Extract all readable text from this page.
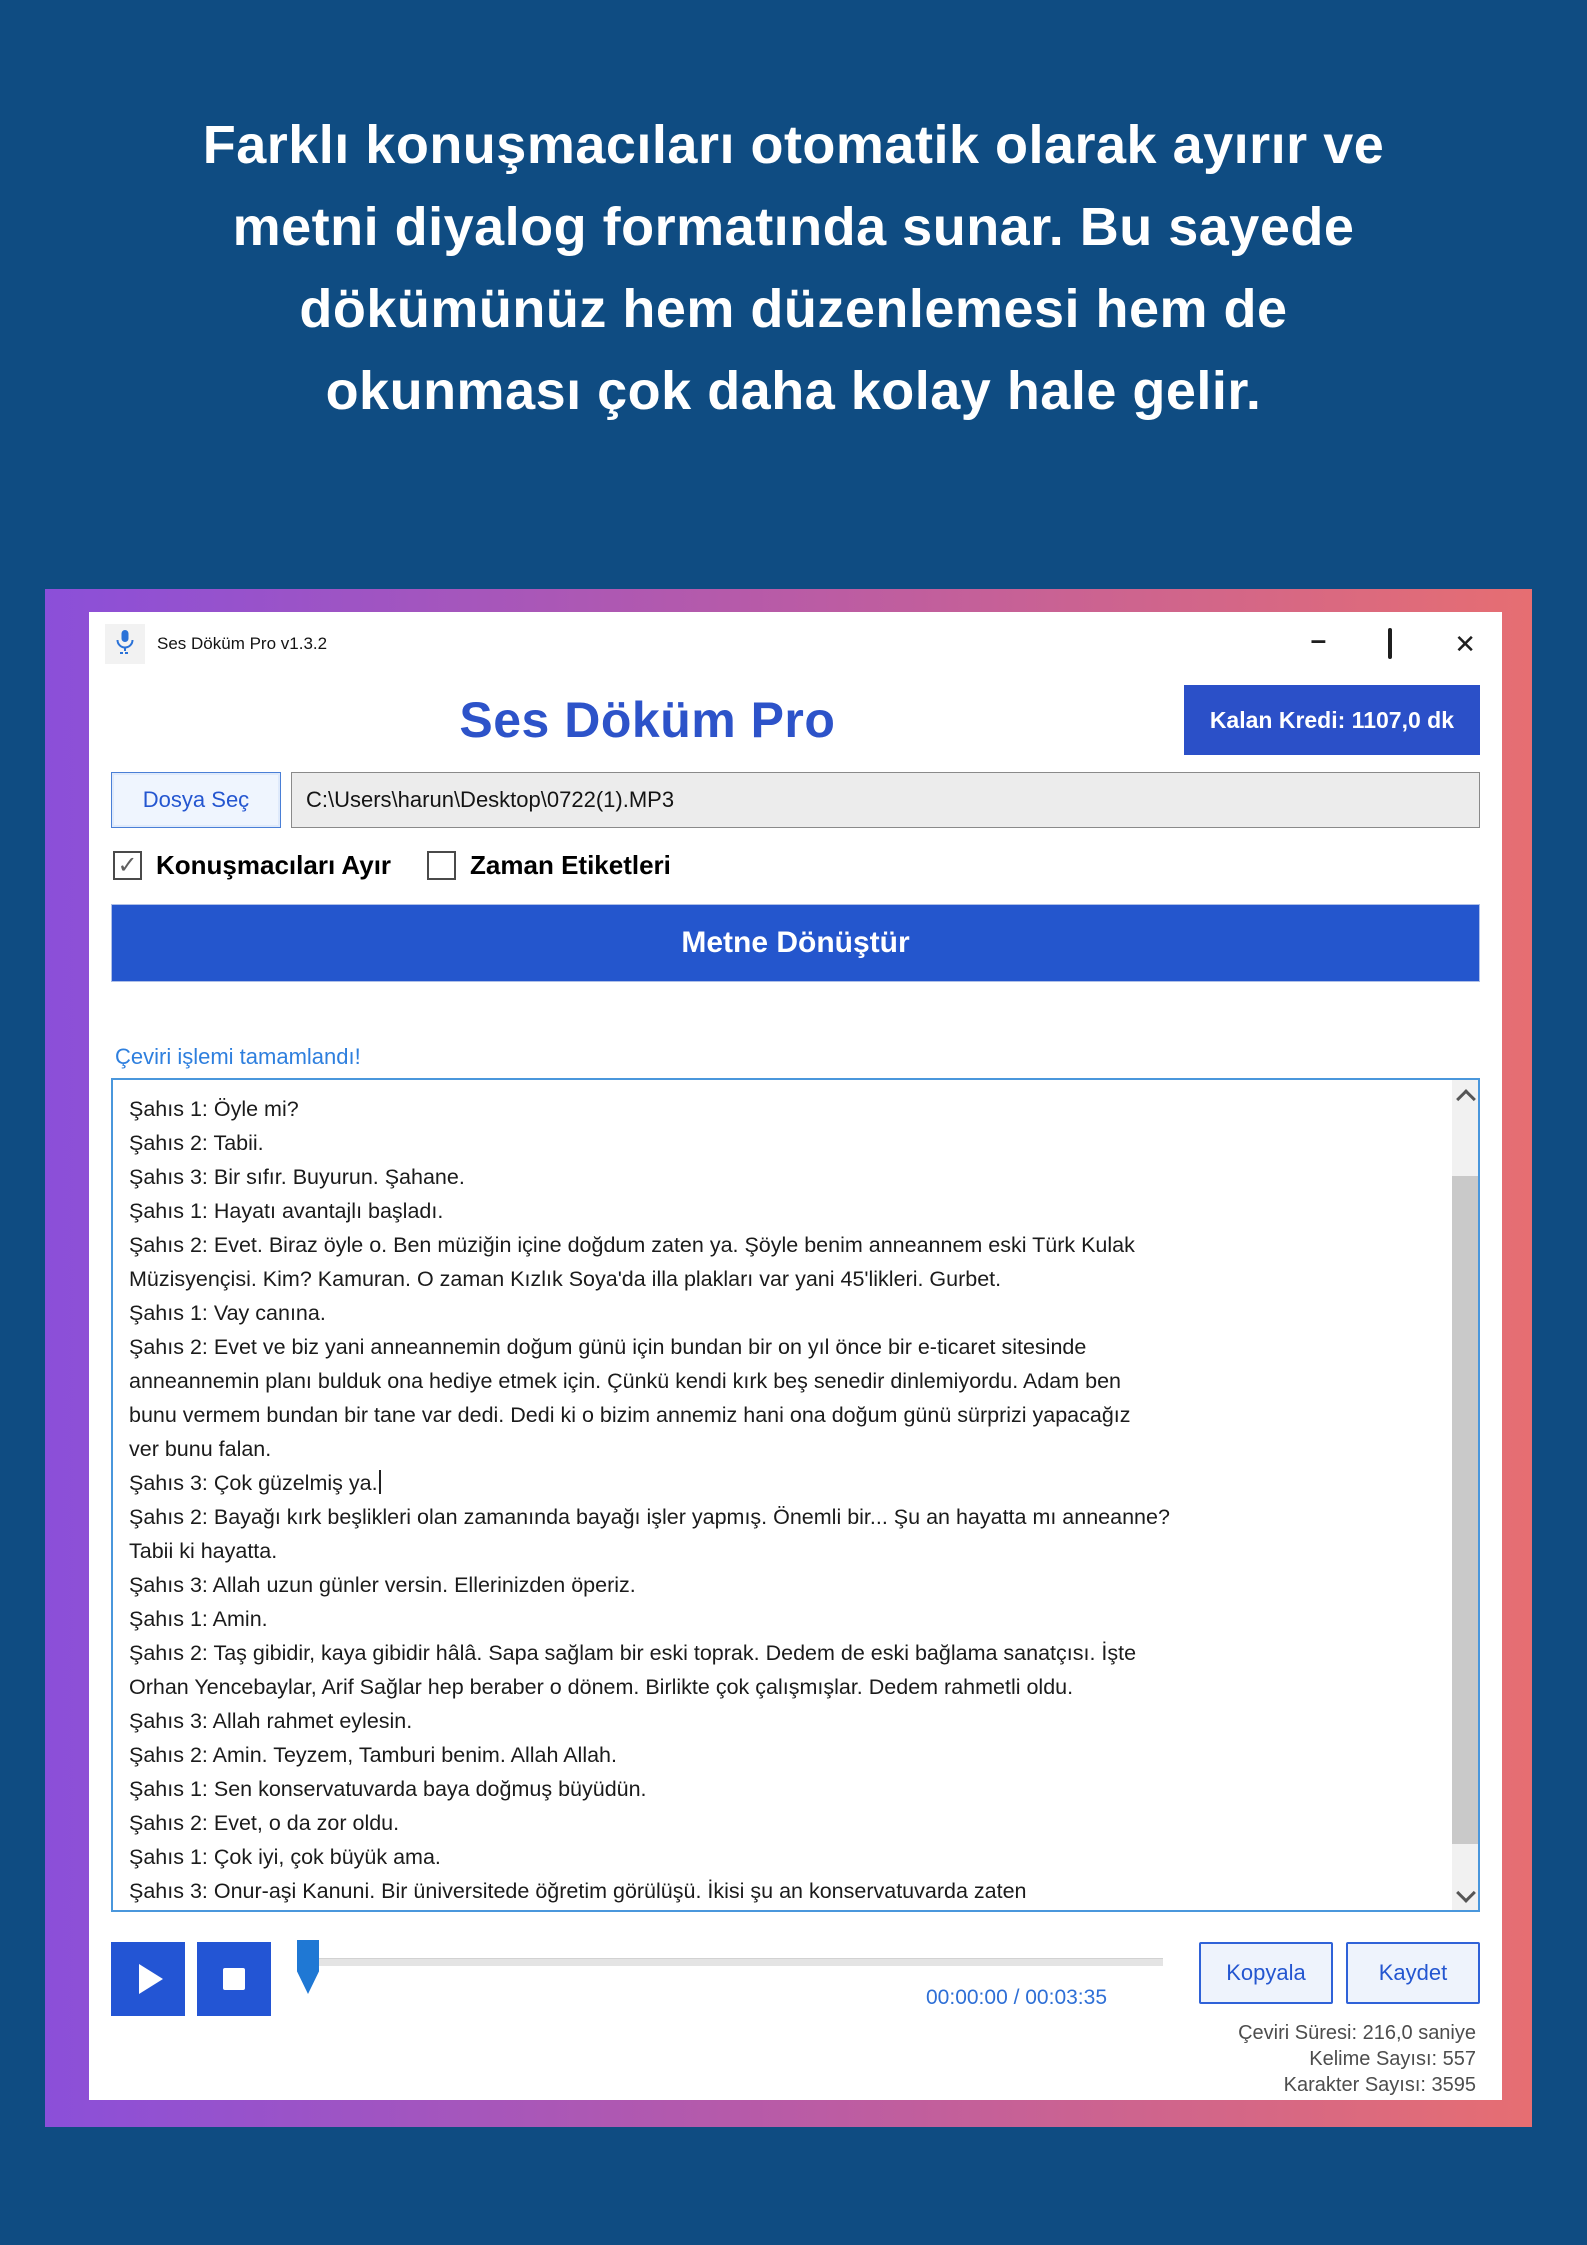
Farklı konuşmacıları otomatik olarak ayırır ve
metni diyalog formatında sunar. Bu sayede
dökümünüz hem düzenlemesi hem de
okunması çok daha kolay hale gelir.
Ses Döküm Pro v1.3.2	–	✕
Ses Döküm Pro	Kalan Kredi: 1107,0 dk
Dosya Seç	C:\Users\harun\Desktop\0722(1).MP3
✓ Konuşmacıları Ayır	Zaman Etiketleri
Metne Dönüştür
Çeviri işlemi tamamlandı!
Şahıs 1: Öyle mi?
Şahıs 2: Tabii.
Şahıs 3: Bir sıfır. Buyurun. Şahane.
Şahıs 1: Hayatı avantajlı başladı.
Şahıs 2: Evet. Biraz öyle o. Ben müziğin içine doğdum zaten ya. Şöyle benim anneannem eski Türk Kulak
Müzisyençisi. Kim? Kamuran. O zaman Kızlık Soya'da illa plakları var yani 45'likleri. Gurbet.
Şahıs 1: Vay canına.
Şahıs 2: Evet ve biz yani anneannemin doğum günü için bundan bir on yıl önce bir e-ticaret sitesinde
anneannemin planı bulduk ona hediye etmek için. Çünkü kendi kırk beş senedir dinlemiyordu. Adam ben
bunu vermem bundan bir tane var dedi. Dedi ki o bizim annemiz hani ona doğum günü sürprizi yapacağız
ver bunu falan.
Şahıs 3: Çok güzelmiş ya.
Şahıs 2: Bayağı kırk beşlikleri olan zamanında bayağı işler yapmış. Önemli bir... Şu an hayatta mı anneanne?
Tabii ki hayatta.
Şahıs 3: Allah uzun günler versin. Ellerinizden öperiz.
Şahıs 1: Amin.
Şahıs 2: Taş gibidir, kaya gibidir hâlâ. Sapa sağlam bir eski toprak. Dedem de eski bağlama sanatçısı. İşte
Orhan Yencebaylar, Arif Sağlar hep beraber o dönem. Birlikte çok çalışmışlar. Dedem rahmetli oldu.
Şahıs 3: Allah rahmet eylesin.
Şahıs 2: Amin. Teyzem, Tamburi benim. Allah Allah.
Şahıs 1: Sen konservatuvarda baya doğmuş büyüdün.
Şahıs 2: Evet, o da zor oldu.
Şahıs 1: Çok iyi, çok büyük ama.
Şahıs 3: Onur-aşi Kanuni. Bir üniversitede öğretim görülüşü. İkisi şu an konservatuvarda zaten
00:00:00 / 00:03:35
Kopyala	Kaydet
Çeviri Süresi: 216,0 saniye
Kelime Sayısı: 557
Karakter Sayısı: 3595
